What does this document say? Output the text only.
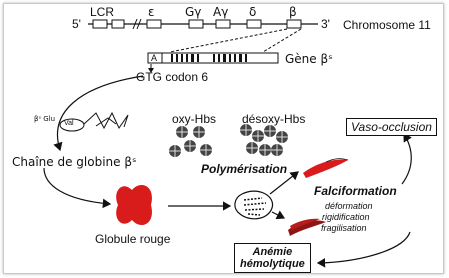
LCR	ε	Gγ Aγ δ	β
5'	3' Chromosome 11
A	Gène βˢ
GTG codon 6
βˢ Glu
Val
Chaîne de globine βˢ
oxy-Hbs désoxy-Hbs
Polymérisation
Globule rouge
Vaso-occlusion
Falciformation
déformation
rigidification
fragilisation
Anémie
hémolytique
